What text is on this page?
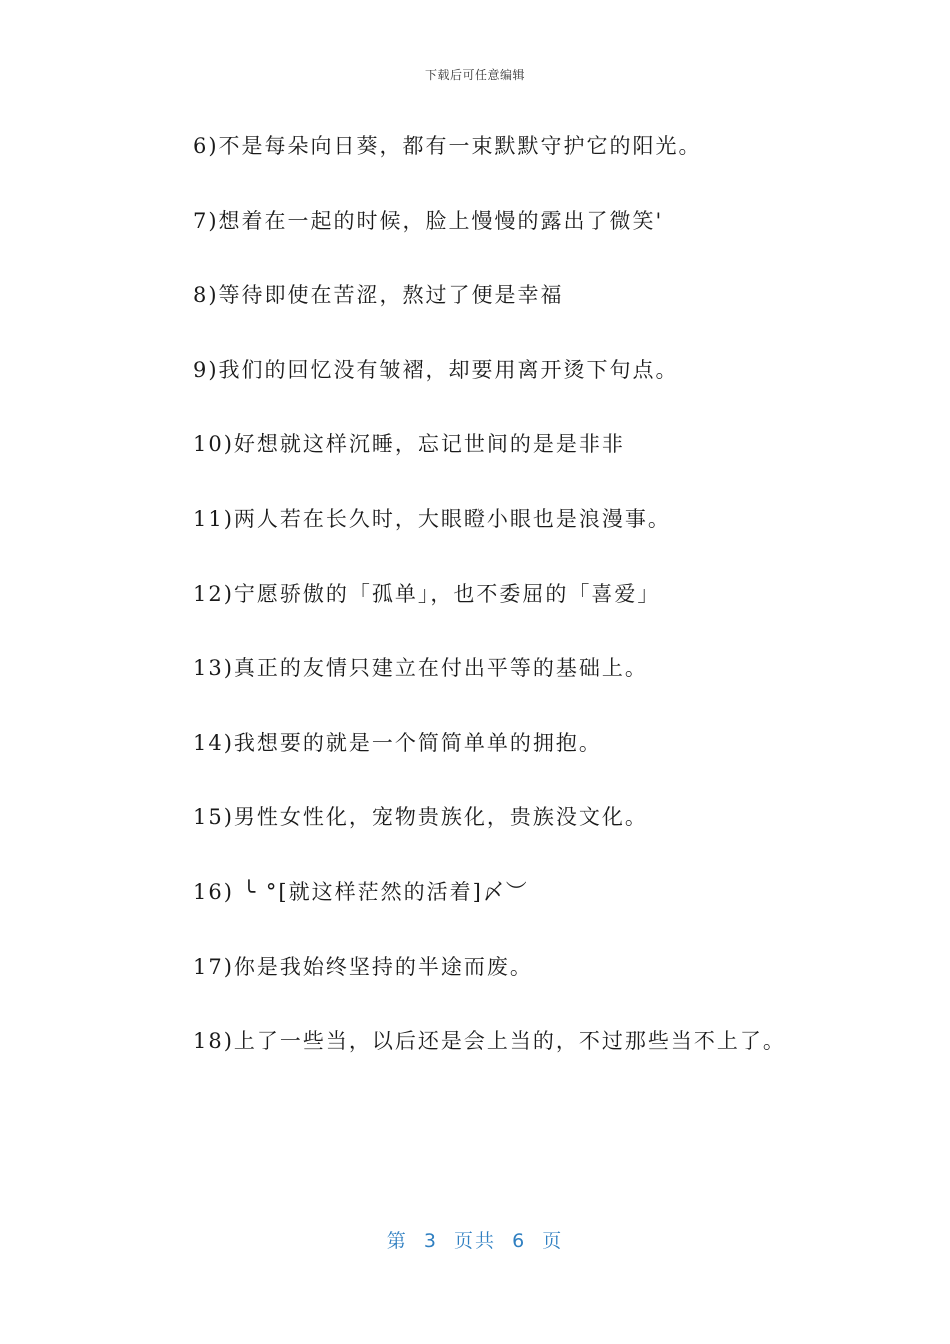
下载后可任意编辑
6)不是每朵向日葵，都有一束默默守护它的阳光。
7)想着在一起的时候，脸上慢慢的露出了微笑'
8)等待即使在苦涩，熬过了便是幸福
9)我们的回忆没有皱褶，却要用离开烫下句点。
10)好想就这样沉睡，忘记世间的是是非非
11)两人若在长久时，大眼瞪小眼也是浪漫事。
12)宁愿骄傲的「孤单」，也不委屈的「喜爱」
13)真正的友情只建立在付出平等的基础上。
14)我想要的就是一个简简单单的拥抱。
15)男性女性化，宠物贵族化，贵族没文化。
16) ╰ °[就这样茫然的活着]〆︶
17)你是我始终坚持的半途而废。
18)上了一些当，以后还是会上当的，不过那些当不上了。
第  3  页共  6  页
